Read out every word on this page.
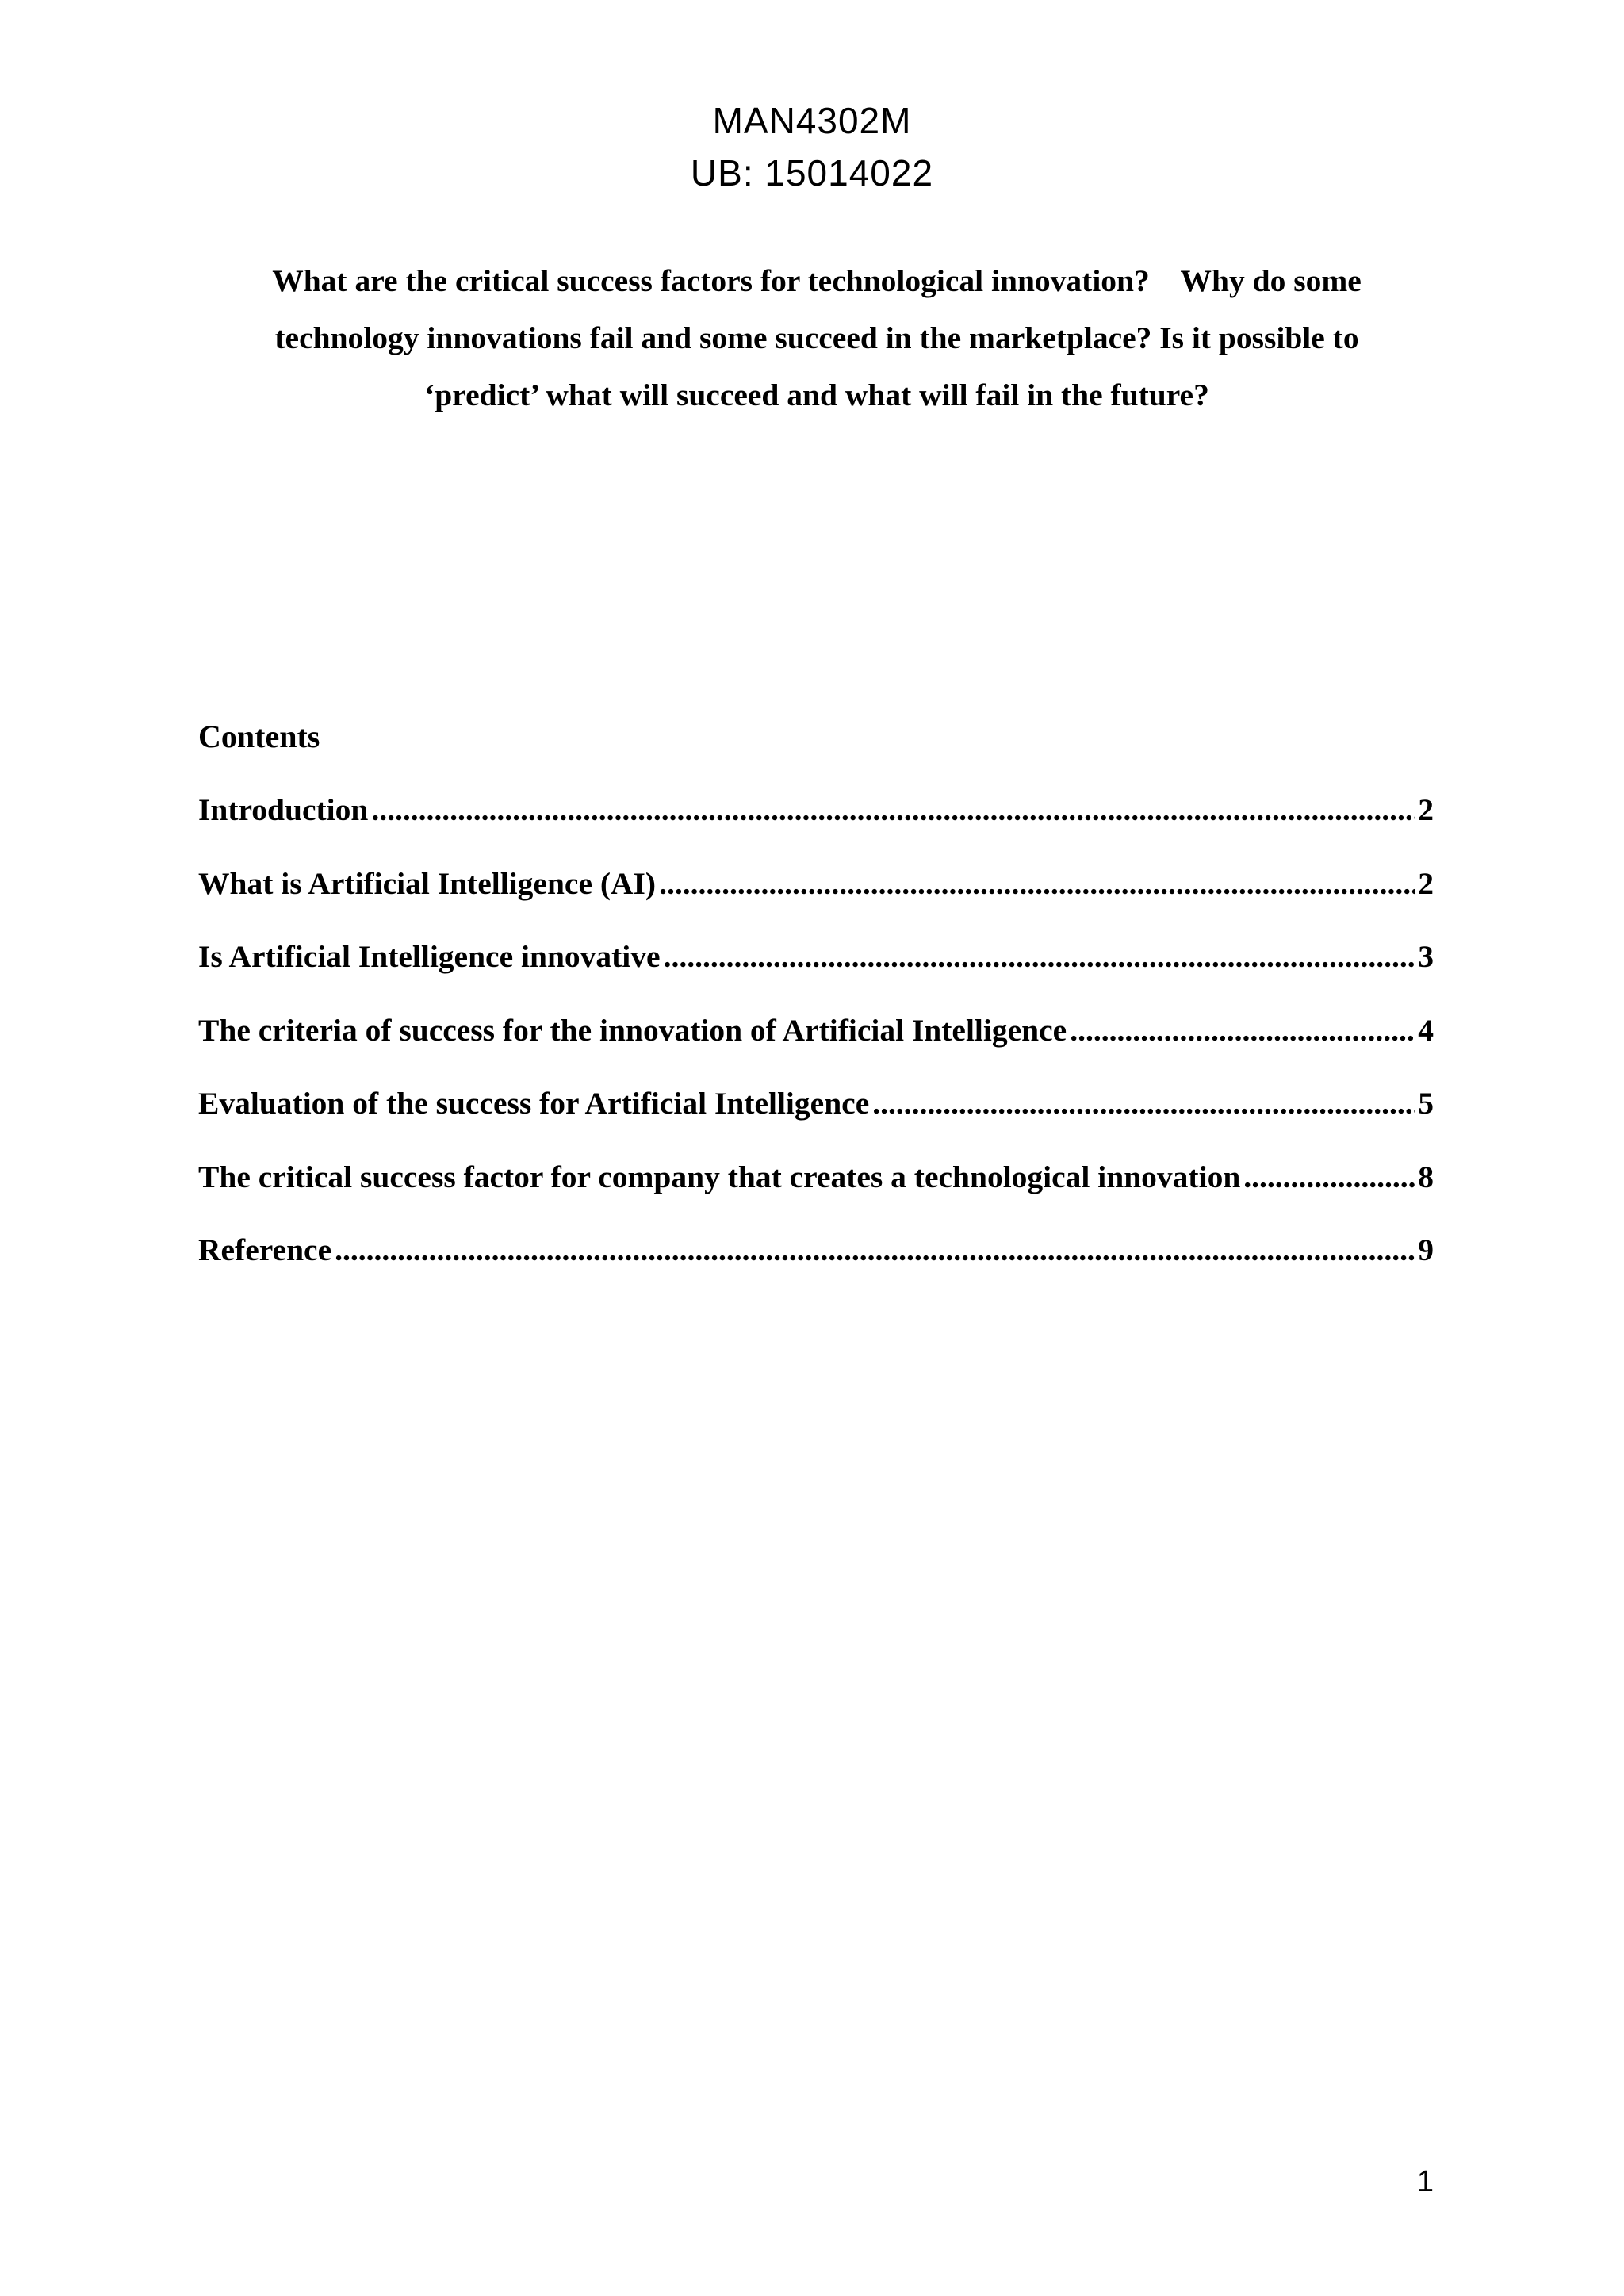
MAN4302M
UB: 15014022
What are the critical success factors for technological innovation?    Why do some
technology innovations fail and some succeed in the marketplace? Is it possible to
‘predict’ what will succeed and what will fail in the future?
Contents
Introduction .....	2
What is Artificial Intelligence (AI) .....	2
Is Artificial Intelligence innovative .....	3
The criteria of success for the innovation of Artificial Intelligence .....	4
Evaluation of the success for Artificial Intelligence .....	5
The critical success factor for company that creates a technological innovation .....	8
Reference .....	9
1
